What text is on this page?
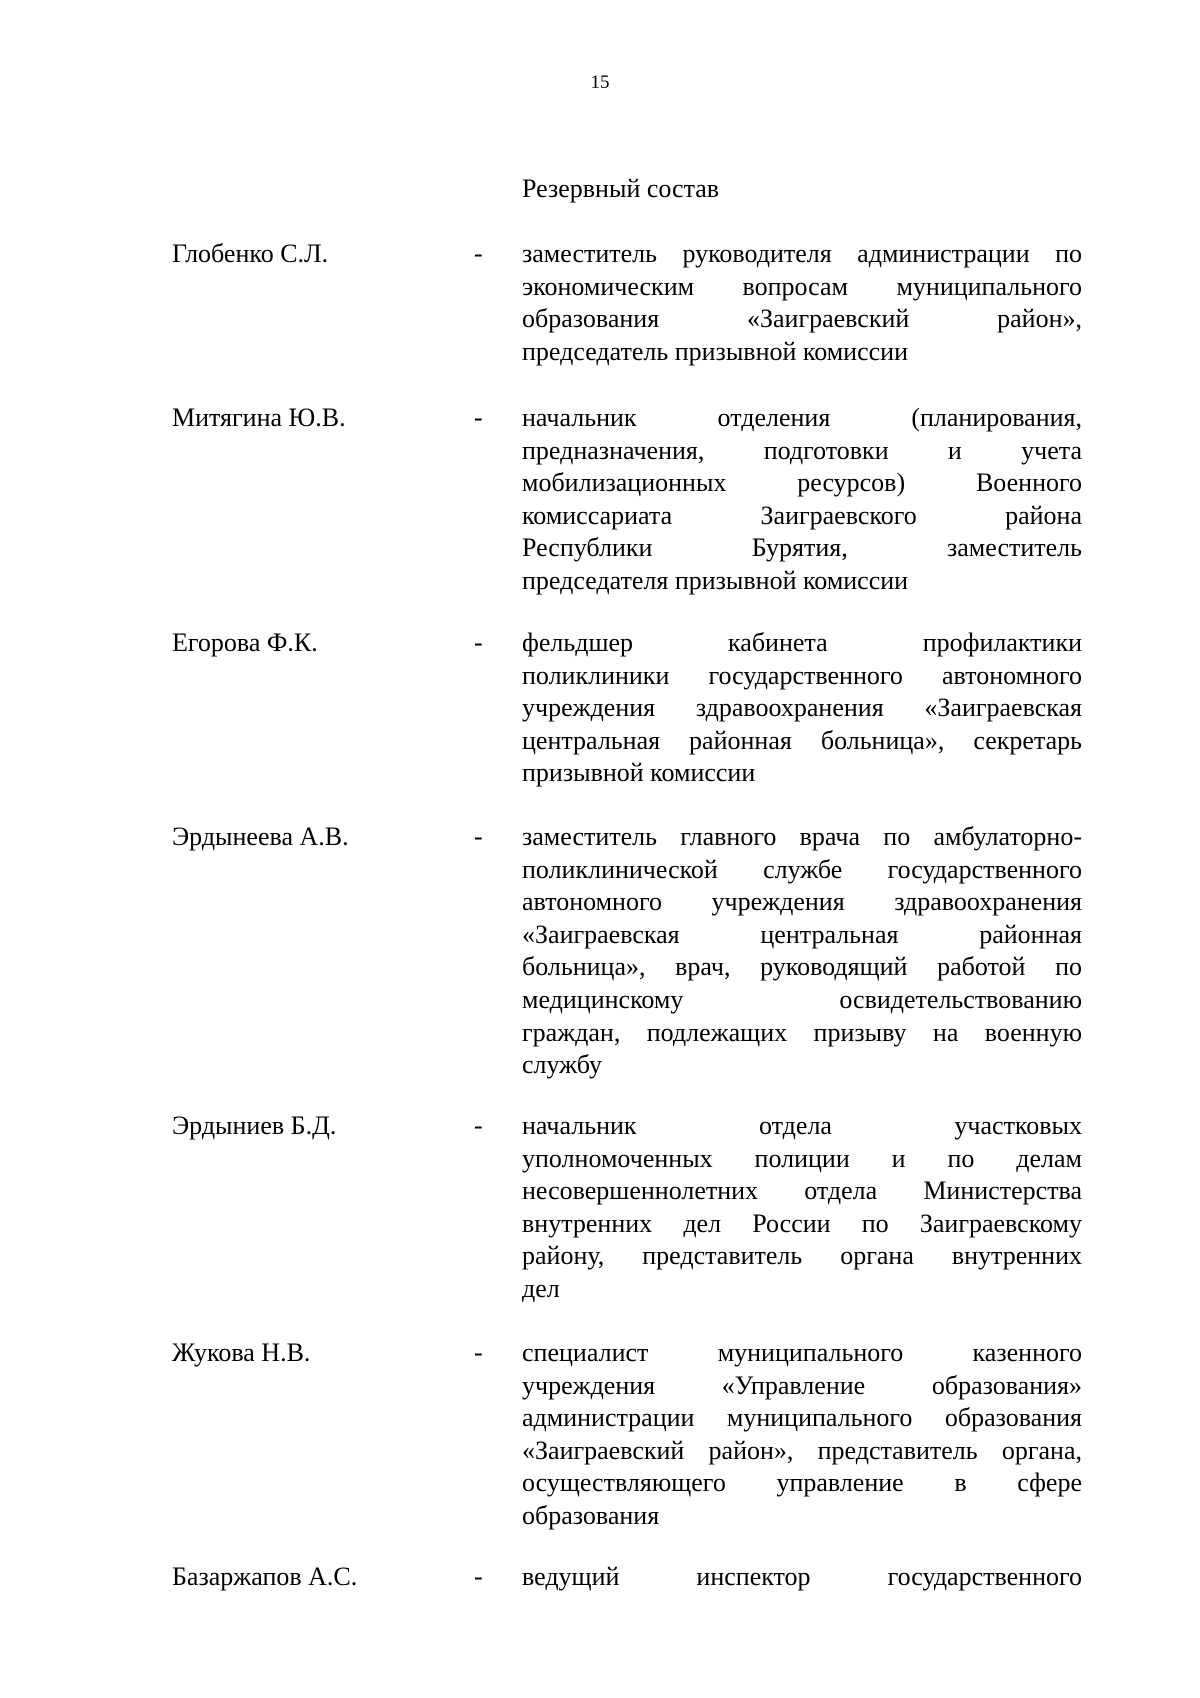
15
Резервный состав
Глобенко С.Л.	- заместитель руководителя администрации по
экономическим вопросам муниципального
образования «Заиграевский район»,
председатель призывной комиссии
Митягина Ю.В.	- начальник отделения (планирования,
предназначения, подготовки и учета
мобилизационных ресурсов) Военного
комиссариата Заиграевского района
Республики Бурятия, заместитель
председателя призывной комиссии
Егорова Ф.К.	- фельдшер кабинета профилактики
поликлиники государственного автономного
учреждения здравоохранения «Заиграевская
центральная районная больница», секретарь
призывной комиссии
Эрдынеева А.В.	- заместитель главного врача по амбулаторно-
поликлинической службе государственного
автономного учреждения здравоохранения
«Заиграевская центральная районная
больница», врач, руководящий работой по
медицинскому освидетельствованию
граждан, подлежащих призыву на военную
службу
Эрдыниев Б.Д.	- начальник отдела участковых
уполномоченных полиции и по делам
несовершеннолетних отдела Министерства
внутренних дел России по Заиграевскому
району, представитель органа внутренних
дел
Жукова Н.В.	- специалист муниципального казенного
учреждения «Управление образования»
администрации муниципального образования
«Заиграевский район», представитель органа,
осуществляющего управление в сфере
образования
Базаржапов А.С.	- ведущий инспектор государственного
